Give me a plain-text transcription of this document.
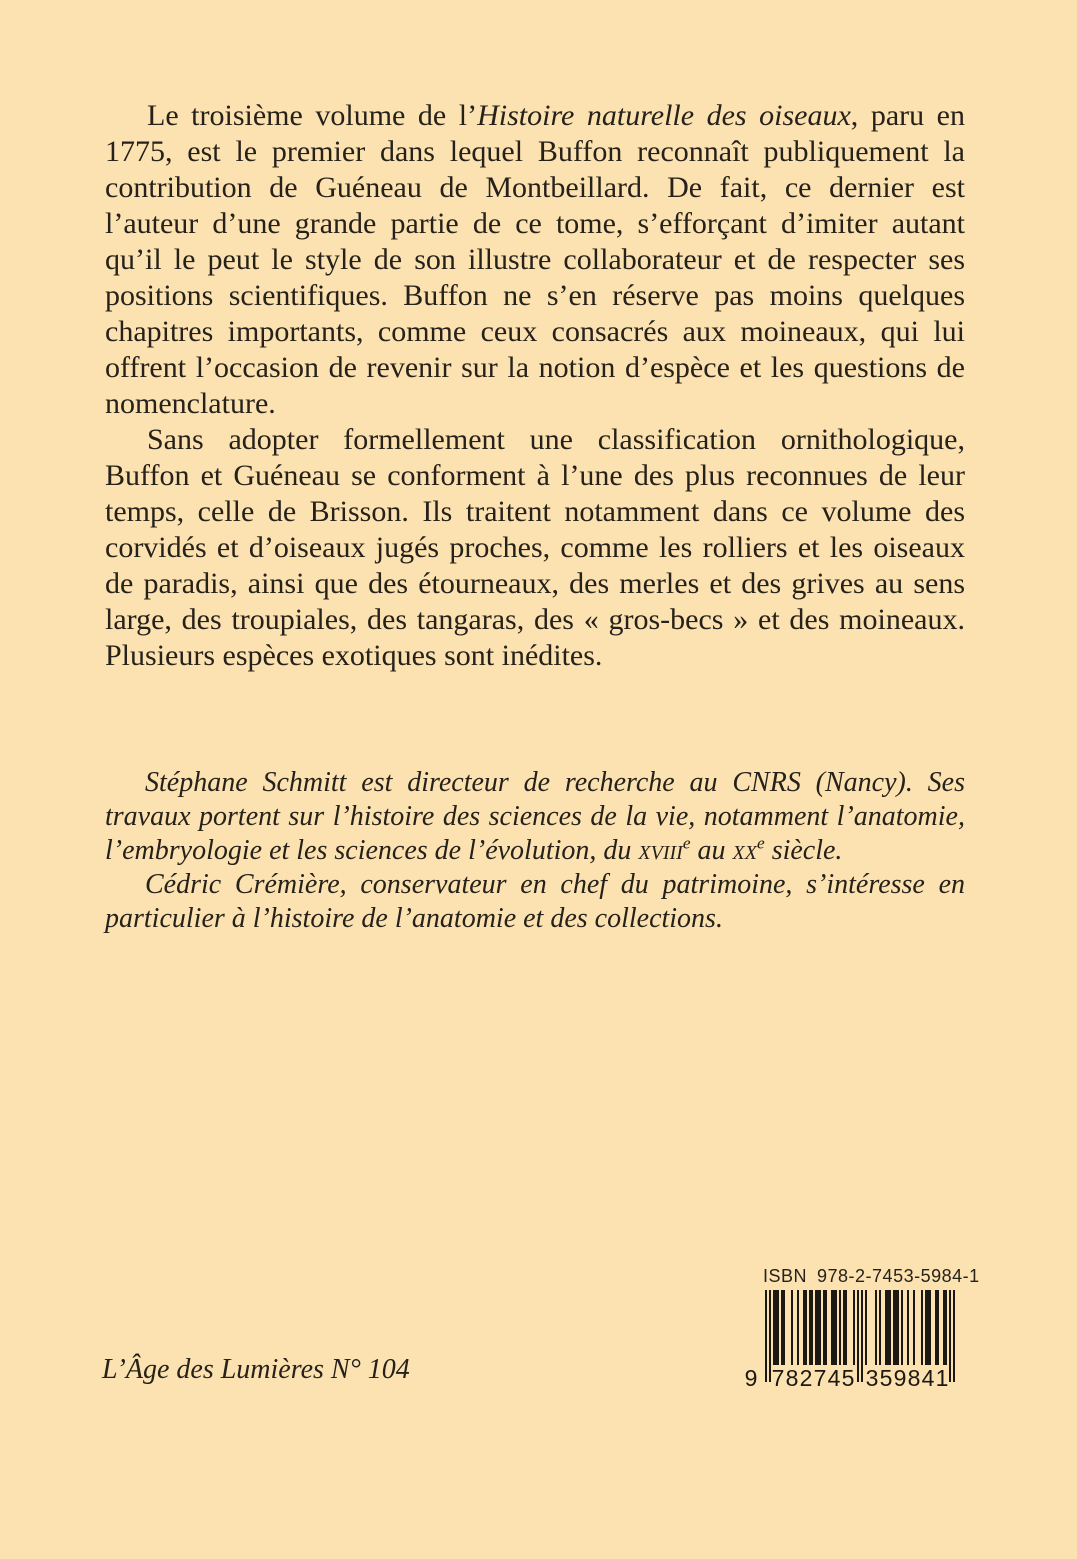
Le troisième volume de l’Histoire naturelle des oiseaux, paru en 1775, est le premier dans lequel Buffon reconnaît publiquement la contribution de Guéneau de Montbeillard. De fait, ce dernier est l’auteur d’une grande partie de ce tome, s’efforçant d’imiter autant qu’il le peut le style de son illustre collaborateur et de respecter ses positions scientifiques. Buffon ne s’en réserve pas moins quelques chapitres importants, comme ceux consacrés aux moineaux, qui lui offrent l’occasion de revenir sur la notion d’espèce et les questions de nomenclature.

Sans adopter formellement une classification ornithologique, Buffon et Guéneau se conforment à l’une des plus reconnues de leur temps, celle de Brisson. Ils traitent notamment dans ce volume des corvidés et d’oiseaux jugés proches, comme les rolliers et les oiseaux de paradis, ainsi que des étourneaux, des merles et des grives au sens large, des troupiales, des tangaras, des « gros-becs » et des moineaux. Plusieurs espèces exotiques sont inédites.

Stéphane Schmitt est directeur de recherche au CNRS (Nancy). Ses travaux portent sur l’histoire des sciences de la vie, notamment l’anatomie, l’embryologie et les sciences de l’évolution, du xviii$^e$ au $xx^e$ siècle.

Cédric Crémière, conservateur en chef du patrimoine, s’intéresse en particulier à l’histoire de l’anatomie et des collections.

L’Âge des Lumières N° 104
ISBN 978-2-7453-5984-1
9 7	3
8	5
2	9
7	8
4	4
5	1
